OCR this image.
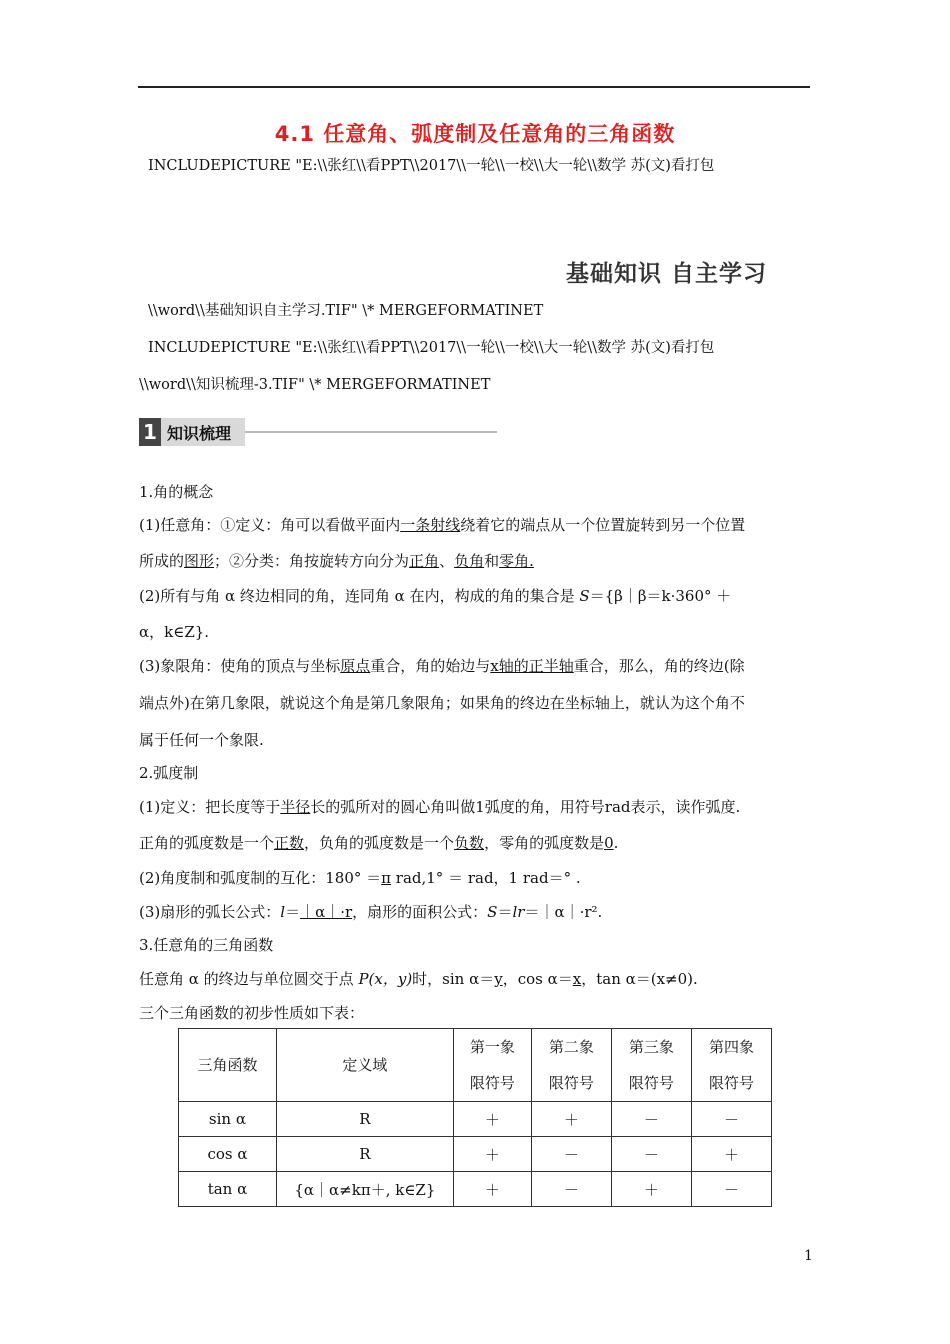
4.1 任意角、弧度制及任意角的三角函数
INCLUDEPICTURE "E:\\张红\\看PPT\\2017\\一轮\\一校\\大一轮\\数学 苏(文)看打包
基础知识 自主学习
\\word\\基础知识自主学习.TIF" \* MERGEFORMATINET
INCLUDEPICTURE "E:\\张红\\看PPT\\2017\\一轮\\一校\\大一轮\\数学 苏(文)看打包
\\word\\知识梳理-3.TIF" \* MERGEFORMATINET
1 知识梳理
1.角的概念
(1)任意角：①定义：角可以看做平面内一条射线绕着它的端点从一个位置旋转到另一个位置
所成的图形；②分类：角按旋转方向分为正角、负角和零角.
(2)所有与角 α 终边相同的角，连同角 α 在内，构成的角的集合是 S＝{β｜β＝k·360° ＋
α，k∈Z}.
(3)象限角：使角的顶点与坐标原点重合，角的始边与x轴的正半轴重合，那么，角的终边(除
端点外)在第几象限，就说这个角是第几象限角；如果角的终边在坐标轴上，就认为这个角不
属于任何一个象限.
2.弧度制
(1)定义：把长度等于半径长的弧所对的圆心角叫做1弧度的角，用符号rad表示，读作弧度.
正角的弧度数是一个正数，负角的弧度数是一个负数，零角的弧度数是0.
(2)角度制和弧度制的互化：180° ＝π rad,1° ＝ rad，1 rad＝° .
(3)扇形的弧长公式：l＝｜α｜·r，扇形的面积公式：S＝lr＝｜α｜·r².
3.任意角的三角函数
任意角 α 的终边与单位圆交于点 P(x，y)时，sin α＝y，cos α＝x，tan α＝(x≠0).
三个三角函数的初步性质如下表：
三角函数	定义域	第一象
限符号	第二象
限符号	第三象
限符号	第四象
限符号
sin α	R	＋	＋	－	－
cos α	R	＋	－	－	＋
tan α	{α｜α≠kπ＋, k∈Z}	＋	－	＋	－
1
